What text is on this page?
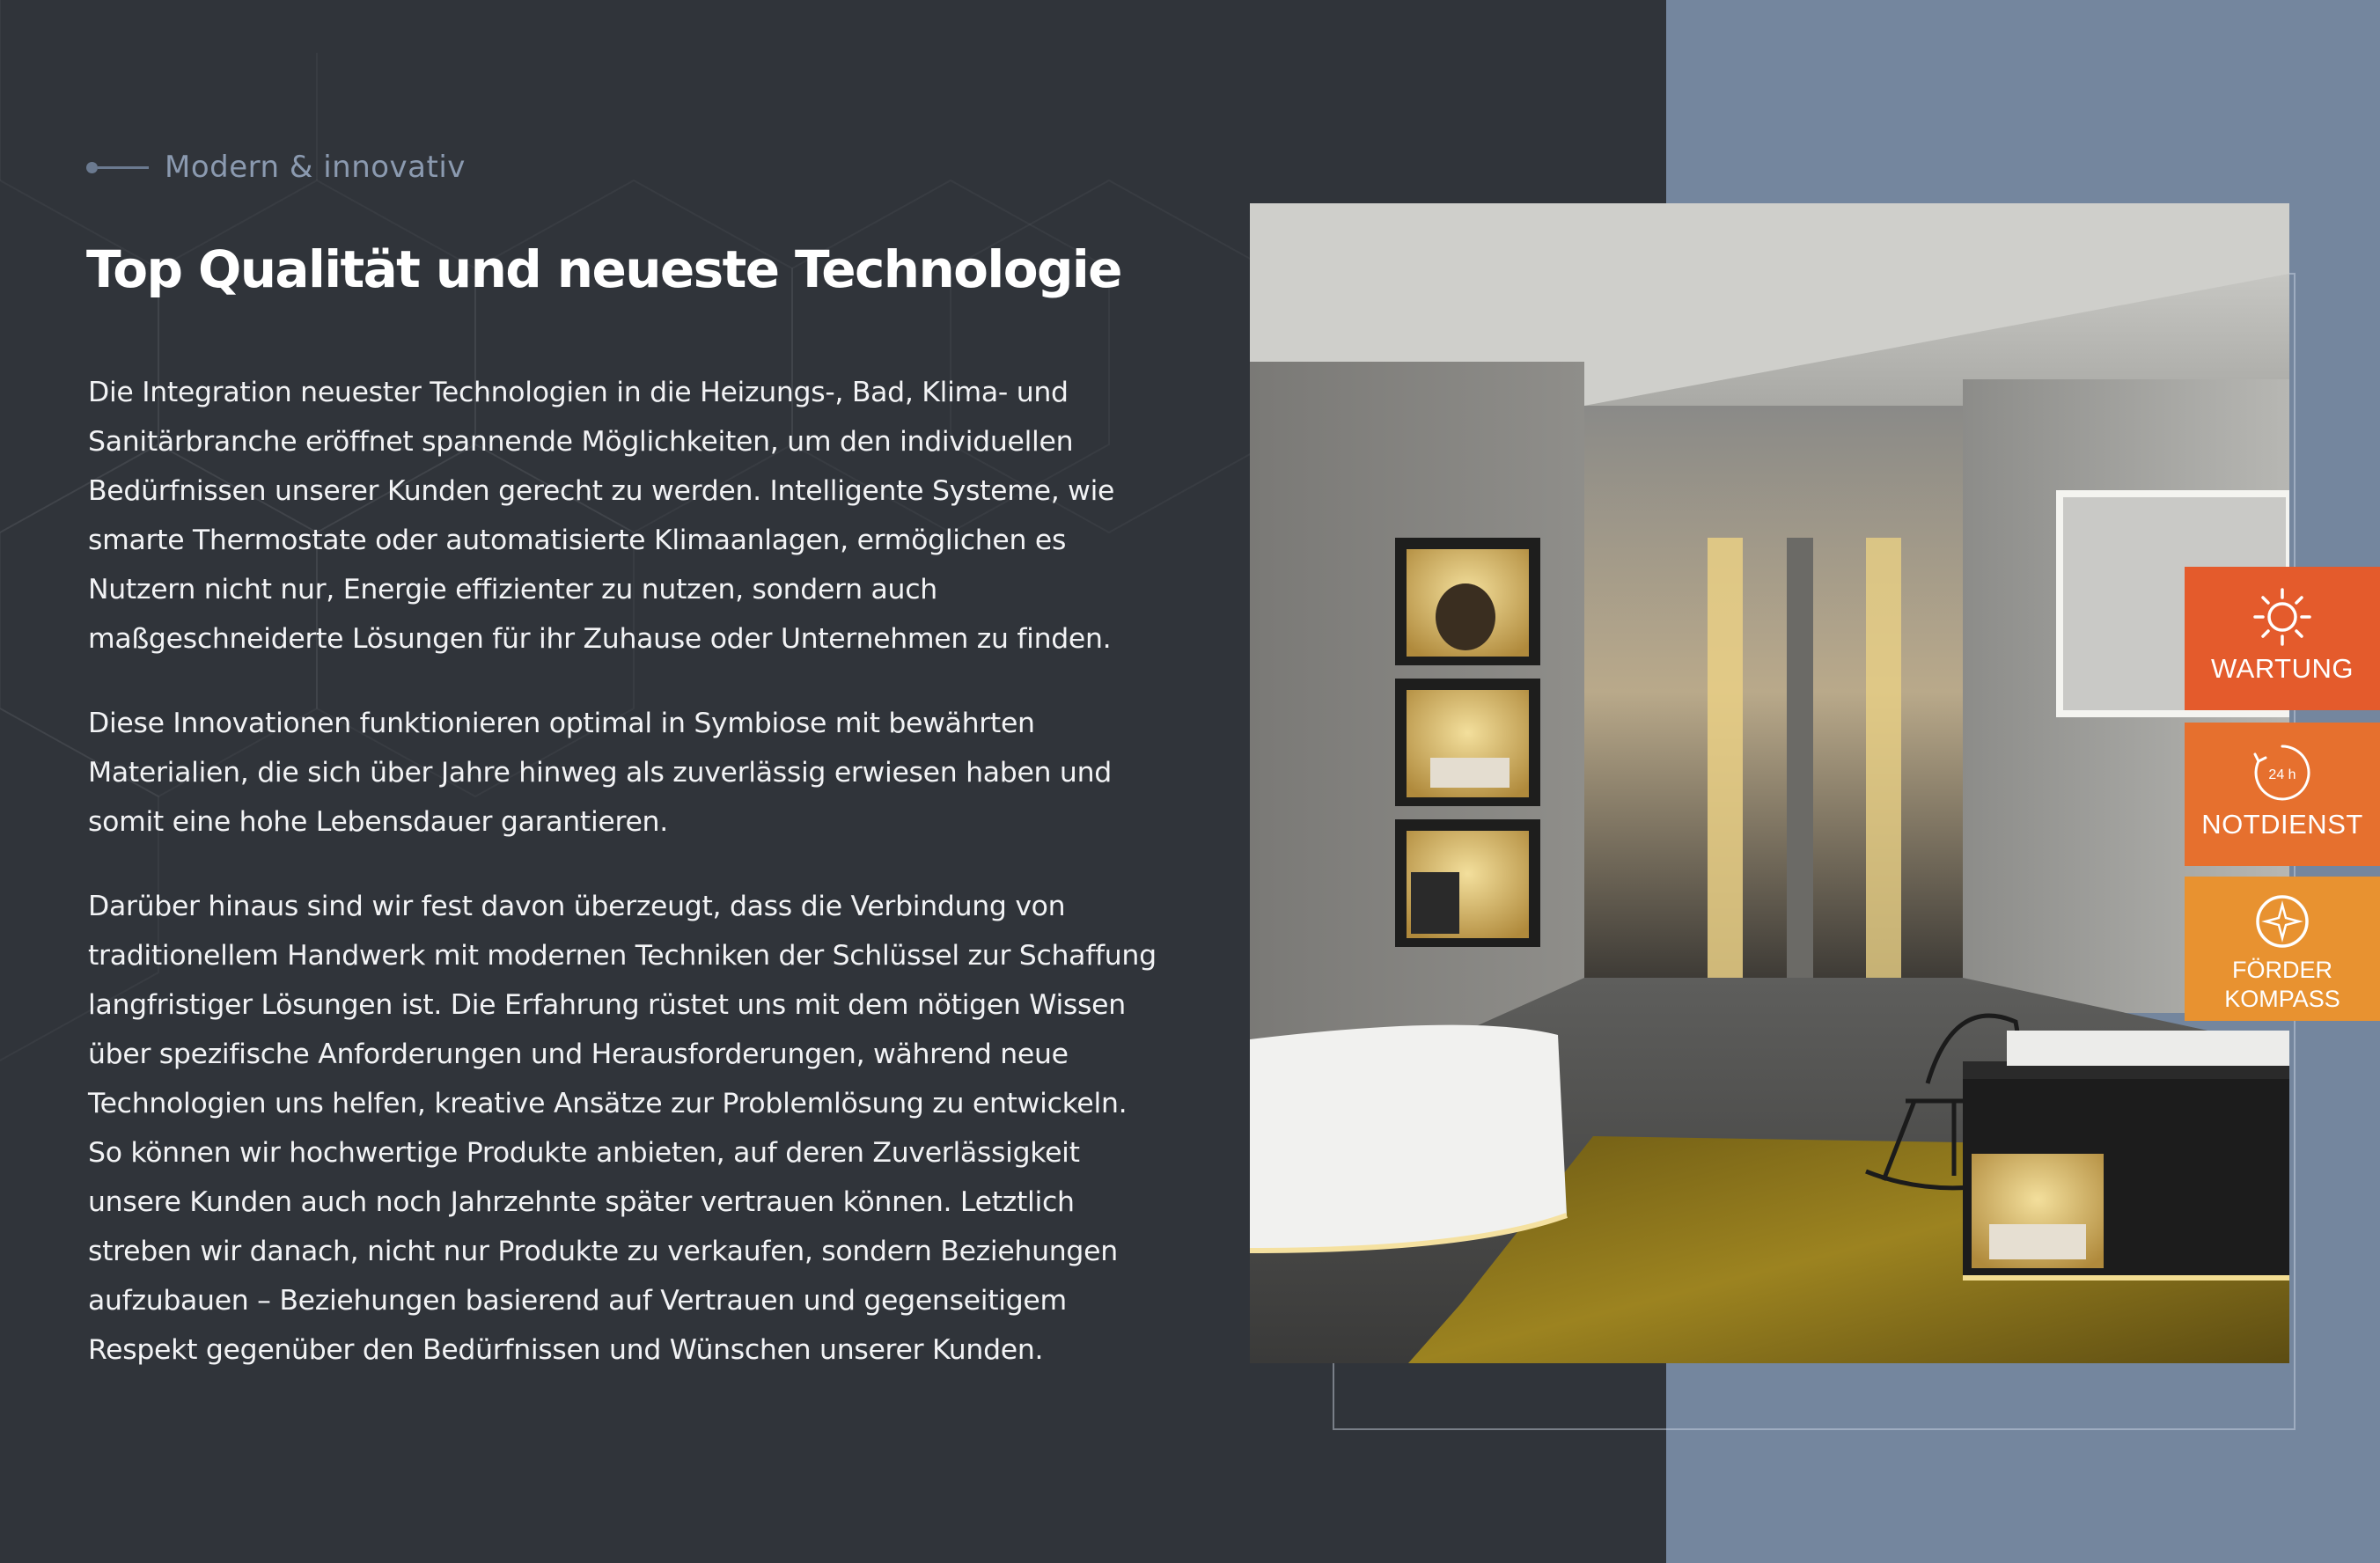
Modern & innovativ
Top Qualität und neueste Technologie

Die Integration neuester Technologien in die Heizungs-, Bad, Klima- und Sanitärbranche eröffnet spannende Möglichkeiten, um den individuellen Bedürfnissen unserer Kunden gerecht zu werden. Intelligente Systeme, wie smarte Thermostate oder automatisierte Klimaanlagen, ermöglichen es Nutzern nicht nur, Energie effizienter zu nutzen, sondern auch maßgeschneiderte Lösungen für ihr Zuhause oder Unternehmen zu finden.

Diese Innovationen funktionieren optimal in Symbiose mit bewährten Materialien, die sich über Jahre hinweg als zuverlässig erwiesen haben und somit eine hohe Lebensdauer garantieren.

Darüber hinaus sind wir fest davon überzeugt, dass die Verbindung von traditionellem Handwerk mit modernen Techniken der Schlüssel zur Schaffung langfristiger Lösungen ist. Die Erfahrung rüstet uns mit dem nötigen Wissen über spezifische Anforderungen und Herausforderungen, während neue Technologien uns helfen, kreative Ansätze zur Problemlösung zu entwickeln. So können wir hochwertige Produkte anbieten, auf deren Zuverlässigkeit unsere Kunden auch noch Jahrzehnte später vertrauen können. Letztlich streben wir danach, nicht nur Produkte zu verkaufen, sondern Beziehungen aufzubauen – Beziehungen basierend auf Vertrauen und gegenseitigem Respekt gegenüber den Bedürfnissen und Wünschen unserer Kunden.

WARTUNG
24 h
NOTDIENST
FÖRDER
KOMPASS
